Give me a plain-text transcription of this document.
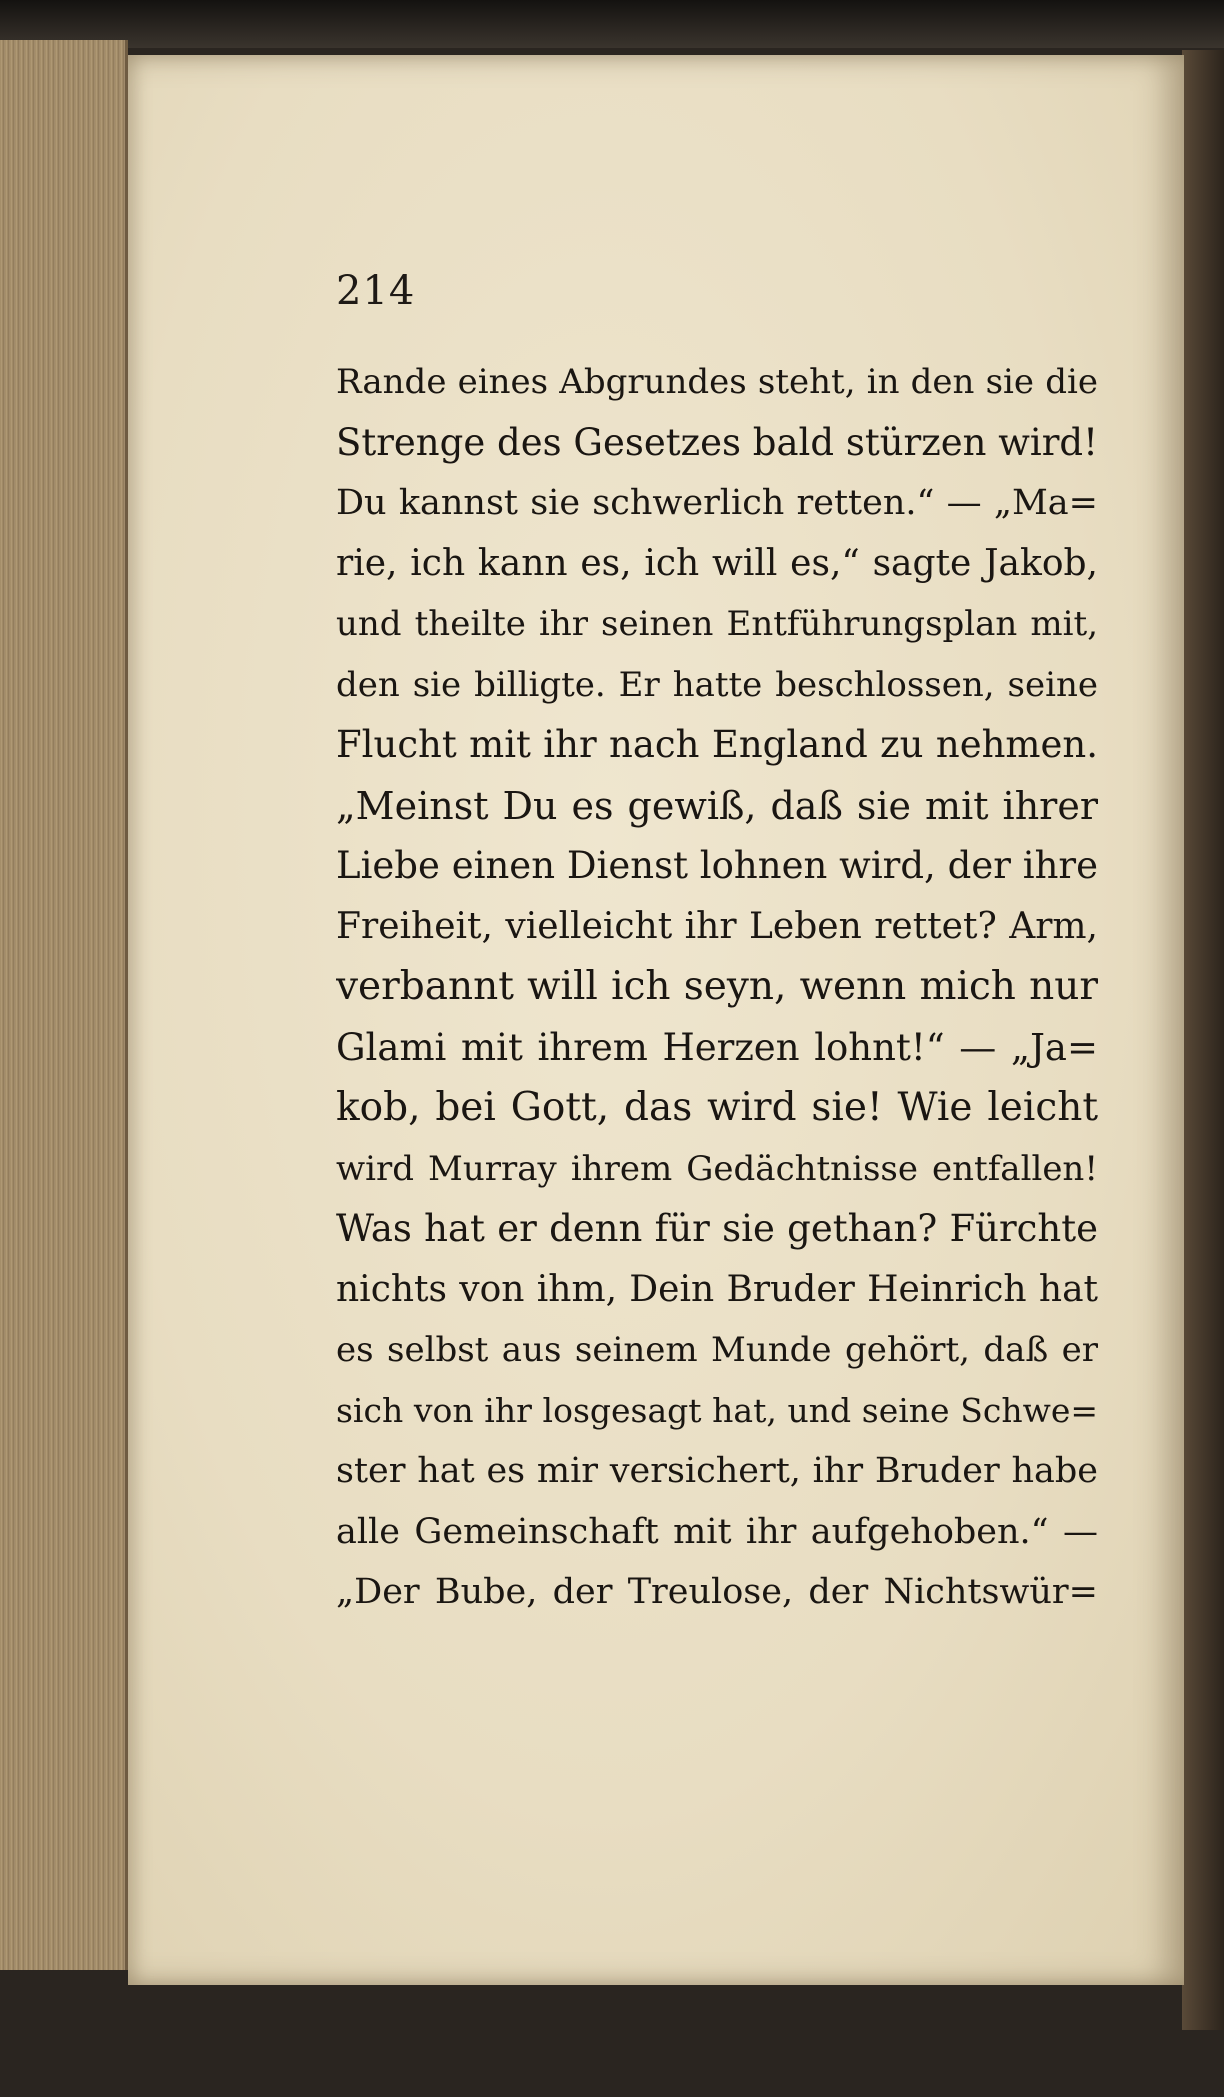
214
Rande eines Abgrundes steht, in den sie die
Strenge des Gesetzes bald stürzen wird!
Du kannst sie schwerlich retten.“ — „Ma=
rie, ich kann es, ich will es,“ sagte Jakob,
und theilte ihr seinen Entführungsplan mit,
den sie billigte. Er hatte beschlossen, seine
Flucht mit ihr nach England zu nehmen.
„Meinst Du es gewiß, daß sie mit ihrer
Liebe einen Dienst lohnen wird, der ihre
Freiheit, vielleicht ihr Leben rettet? Arm,
verbannt will ich seyn, wenn mich nur
Glami mit ihrem Herzen lohnt!“ — „Ja=
kob, bei Gott, das wird sie! Wie leicht
wird Murray ihrem Gedächtnisse entfallen!
Was hat er denn für sie gethan? Fürchte
nichts von ihm, Dein Bruder Heinrich hat
es selbst aus seinem Munde gehört, daß er
sich von ihr losgesagt hat, und seine Schwe=
ster hat es mir versichert, ihr Bruder habe
alle Gemeinschaft mit ihr aufgehoben.“ —
„Der Bube, der Treulose, der Nichtswür=
